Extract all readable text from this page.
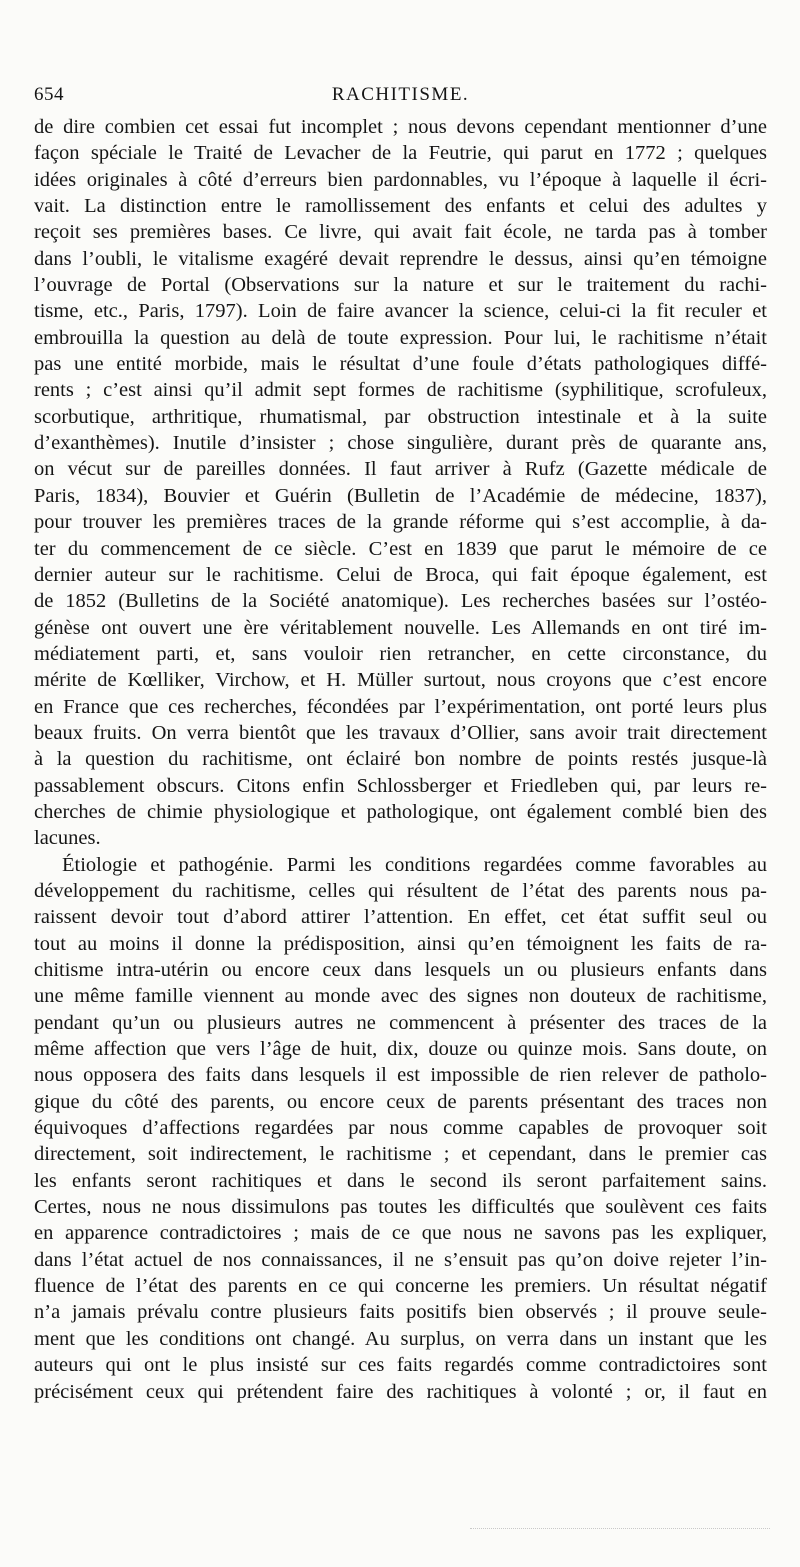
654	RACHITISME.
de dire combien cet essai fut incomplet ; nous devons cependant mentionner d’une
façon spéciale le Traité de Levacher de la Feutrie, qui parut en 1772 ; quelques
idées originales à côté d’erreurs bien pardonnables, vu l’époque à laquelle il écri-
vait. La distinction entre le ramollissement des enfants et celui des adultes y
reçoit ses premières bases. Ce livre, qui avait fait école, ne tarda pas à tomber
dans l’oubli, le vitalisme exagéré devait reprendre le dessus, ainsi qu’en témoigne
l’ouvrage de Portal (Observations sur la nature et sur le traitement du rachi-
tisme, etc., Paris, 1797). Loin de faire avancer la science, celui-ci la fit reculer et
embrouilla la question au delà de toute expression. Pour lui, le rachitisme n’était
pas une entité morbide, mais le résultat d’une foule d’états pathologiques diffé-
rents ; c’est ainsi qu’il admit sept formes de rachitisme (syphilitique, scrofuleux,
scorbutique, arthritique, rhumatismal, par obstruction intestinale et à la suite
d’exanthèmes). Inutile d’insister ; chose singulière, durant près de quarante ans,
on vécut sur de pareilles données. Il faut arriver à Rufz (Gazette médicale de
Paris, 1834), Bouvier et Guérin (Bulletin de l’Académie de médecine, 1837),
pour trouver les premières traces de la grande réforme qui s’est accomplie, à da-
ter du commencement de ce siècle. C’est en 1839 que parut le mémoire de ce
dernier auteur sur le rachitisme. Celui de Broca, qui fait époque également, est
de 1852 (Bulletins de la Société anatomique). Les recherches basées sur l’ostéo-
génèse ont ouvert une ère véritablement nouvelle. Les Allemands en ont tiré im-
médiatement parti, et, sans vouloir rien retrancher, en cette circonstance, du
mérite de Kœlliker, Virchow, et H. Müller surtout, nous croyons que c’est encore
en France que ces recherches, fécondées par l’expérimentation, ont porté leurs plus
beaux fruits. On verra bientôt que les travaux d’Ollier, sans avoir trait directement
à la question du rachitisme, ont éclairé bon nombre de points restés jusque-là
passablement obscurs. Citons enfin Schlossberger et Friedleben qui, par leurs re-
cherches de chimie physiologique et pathologique, ont également comblé bien des
lacunes.
Étiologie et pathogénie. Parmi les conditions regardées comme favorables au
développement du rachitisme, celles qui résultent de l’état des parents nous pa-
raissent devoir tout d’abord attirer l’attention. En effet, cet état suffit seul ou
tout au moins il donne la prédisposition, ainsi qu’en témoignent les faits de ra-
chitisme intra-utérin ou encore ceux dans lesquels un ou plusieurs enfants dans
une même famille viennent au monde avec des signes non douteux de rachitisme,
pendant qu’un ou plusieurs autres ne commencent à présenter des traces de la
même affection que vers l’âge de huit, dix, douze ou quinze mois. Sans doute, on
nous opposera des faits dans lesquels il est impossible de rien relever de patholo-
gique du côté des parents, ou encore ceux de parents présentant des traces non
équivoques d’affections regardées par nous comme capables de provoquer soit
directement, soit indirectement, le rachitisme ; et cependant, dans le premier cas
les enfants seront rachitiques et dans le second ils seront parfaitement sains.
Certes, nous ne nous dissimulons pas toutes les difficultés que soulèvent ces faits
en apparence contradictoires ; mais de ce que nous ne savons pas les expliquer,
dans l’état actuel de nos connaissances, il ne s’ensuit pas qu’on doive rejeter l’in-
fluence de l’état des parents en ce qui concerne les premiers. Un résultat négatif
n’a jamais prévalu contre plusieurs faits positifs bien observés ; il prouve seule-
ment que les conditions ont changé. Au surplus, on verra dans un instant que les
auteurs qui ont le plus insisté sur ces faits regardés comme contradictoires sont
précisément ceux qui prétendent faire des rachitiques à volonté ; or, il faut en
